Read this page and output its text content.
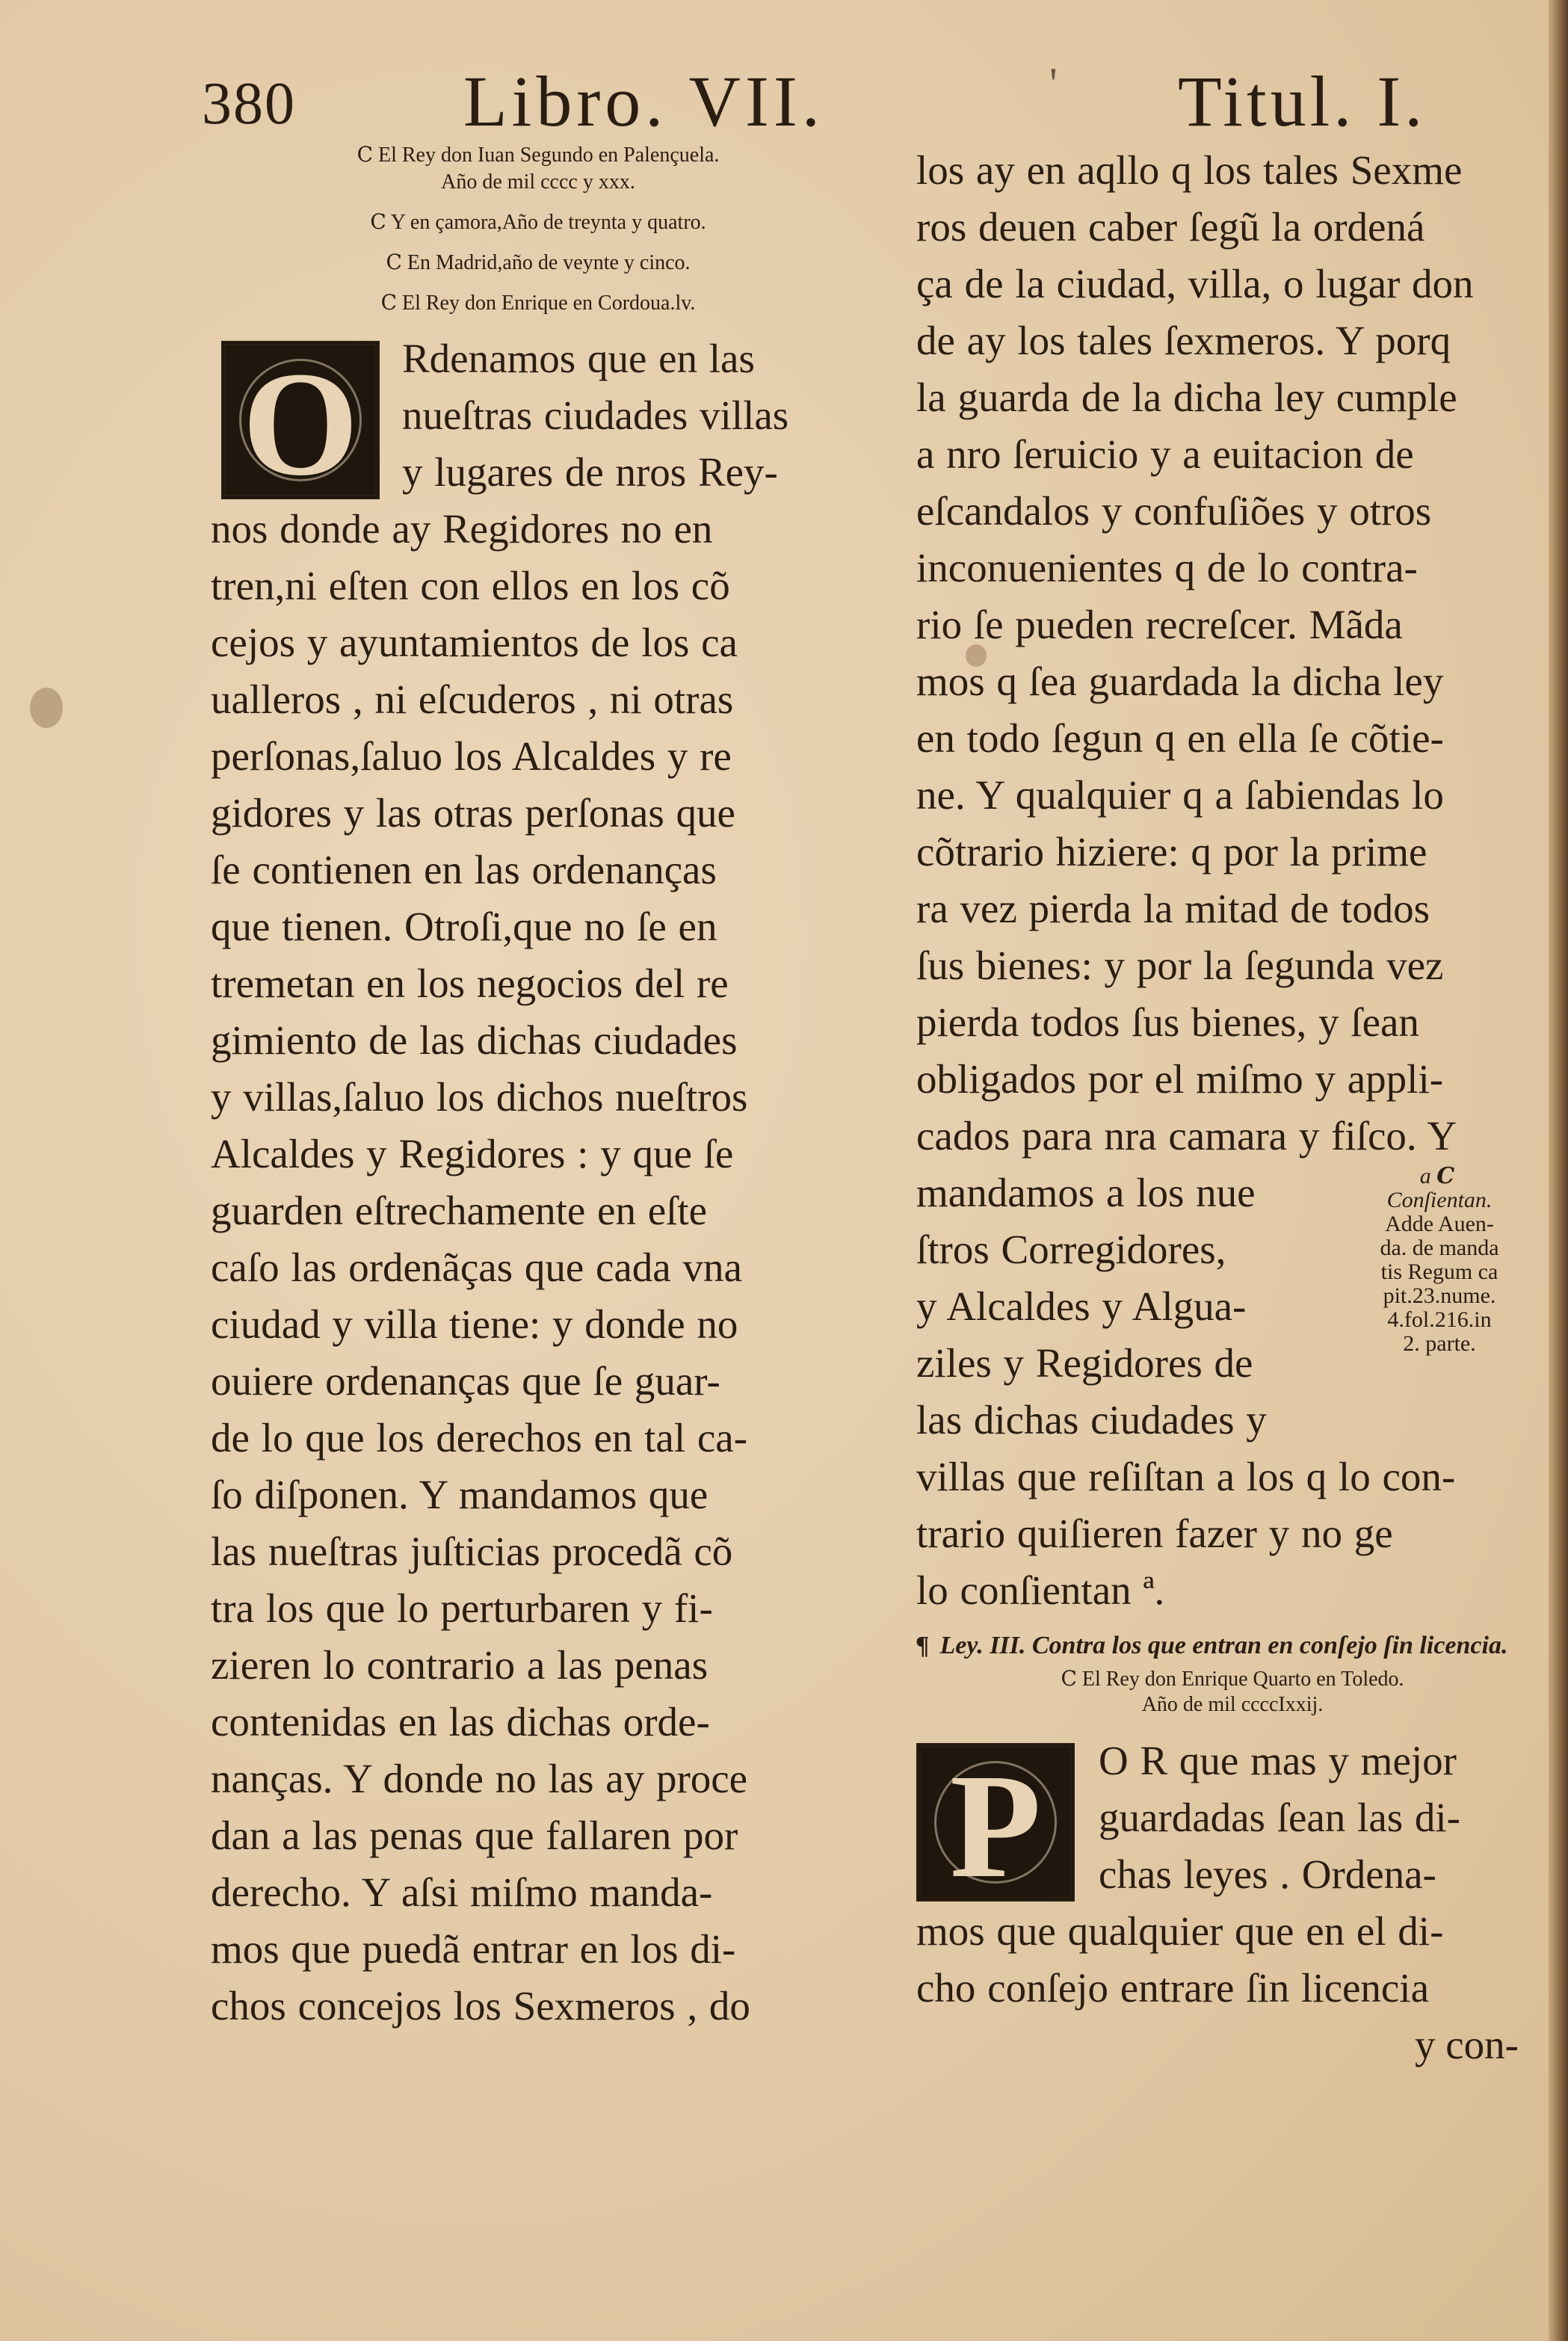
380 Libro. VII.	' Titul. I.
Ⅽ El Rey don Iuan Segundo en Palençuela.
Año de mil cccc y xxx.
Ⅽ Y en çamora,Año de treynta y quatro.
Ⅽ En Madrid,año de veynte y cinco.
Ⅽ El Rey don Enrique en Cordoua.lv.
O	Rdenamos que en las
nueſtras ciudades villas
y lugares de nros Rey-
nos donde ay Regidores no en
tren,ni eſten con ellos en los cõ
cejos y ayuntamientos de los ca
ualleros , ni eſcuderos , ni otras
perſonas,ſaluo los Alcaldes y re
gidores y las otras perſonas que
ſe contienen en las ordenanças
que tienen. Otroſi,que no ſe en
tremetan en los negocios del re
gimiento de las dichas ciudades
y villas,ſaluo los dichos nueſtros
Alcaldes y Regidores : y que ſe
guarden eſtrechamente en eſte
caſo las ordenãças que cada vna
ciudad y villa tiene: y donde no
ouiere ordenanças que ſe guar-
de lo que los derechos en tal ca-
ſo diſponen. Y mandamos que
las nueſtras juſticias procedã cõ
tra los que lo perturbaren y fi-
zieren lo contrario a las penas
contenidas en las dichas orde-
nanças. Y donde no las ay proce
dan a las penas que fallaren por
derecho. Y aſsi miſmo manda-
mos que puedã entrar en los di-
chos concejos los Sexmeros , do
los ay en aqllo q los tales Sexme
ros deuen caber ſegũ la ordená
ça de la ciudad, villa, o lugar don
de ay los tales ſexmeros. Y porq
la guarda de la dicha ley cumple
a nro ſeruicio y a euitacion de
eſcandalos y confuſiões y otros
inconuenientes q de lo contra-
rio ſe pueden recreſcer. Mãda
mos q ſea guardada la dicha ley
en todo ſegun q en ella ſe cõtie-
ne. Y qualquier q a ſabiendas lo
cõtrario hiziere: q por la prime
ra vez pierda la mitad de todos
ſus bienes: y por la ſegunda vez
pierda todos ſus bienes, y ſean
obligados por el miſmo y appli-
cados para nra camara y fiſco. Y
mandamos a los nue
ſtros Corregidores,
y Alcaldes y Algua-
ziles y Regidores de
las dichas ciudades y
a Ⅽ
Conſientan.
Adde Auen-
da. de manda
tis Regum ca
pit.23.nume.
4.fol.216.in
2. parte.
villas que reſiſtan a los q lo con-
trario quiſieren fazer y no ge
lo conſientan ª.
¶ Ley. III. Contra los que entran en conſejo ſin licencia.
Ⅽ El Rey don Enrique Quarto en Toledo.
Año de mil ccccIxxij.
P	O R que mas y mejor
guardadas ſean las di-
chas leyes . Ordena-
mos que qualquier que en el di-
cho conſejo entrare ſin licencia
y con-
